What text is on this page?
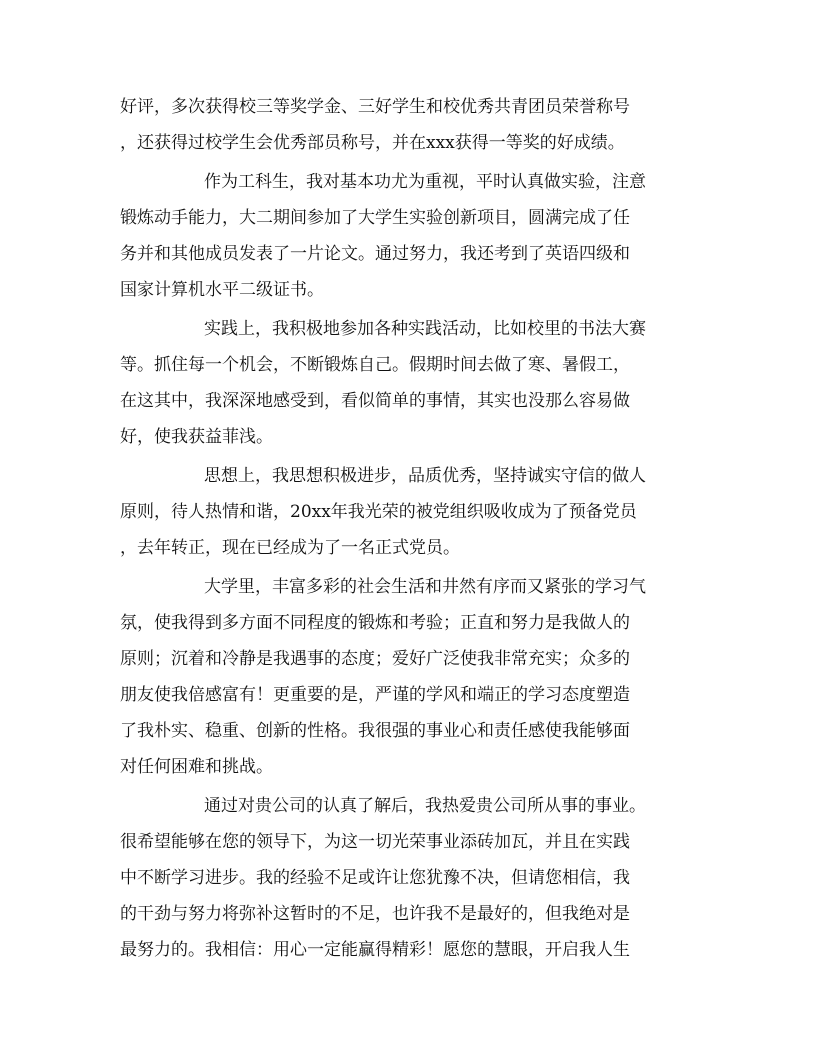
好评，多次获得校三等奖学金、三好学生和校优秀共青团员荣誉称号
，还获得过校学生会优秀部员称号，并在xxx获得一等奖的好成绩。
作为工科生，我对基本功尤为重视，平时认真做实验，注意
锻炼动手能力，大二期间参加了大学生实验创新项目，圆满完成了任
务并和其他成员发表了一片论文。通过努力，我还考到了英语四级和
国家计算机水平二级证书。
实践上，我积极地参加各种实践活动，比如校里的书法大赛
等。抓住每一个机会，不断锻炼自己。假期时间去做了寒、暑假工，
在这其中，我深深地感受到，看似简单的事情，其实也没那么容易做
好，使我获益菲浅。
思想上，我思想积极进步，品质优秀，坚持诚实守信的做人
原则，待人热情和谐，20xx年我光荣的被党组织吸收成为了预备党员
，去年转正，现在已经成为了一名正式党员。
大学里，丰富多彩的社会生活和井然有序而又紧张的学习气
氛，使我得到多方面不同程度的锻炼和考验；正直和努力是我做人的
原则；沉着和冷静是我遇事的态度；爱好广泛使我非常充实；众多的
朋友使我倍感富有！更重要的是，严谨的学风和端正的学习态度塑造
了我朴实、稳重、创新的性格。我很强的事业心和责任感使我能够面
对任何困难和挑战。
通过对贵公司的认真了解后，我热爱贵公司所从事的事业。
很希望能够在您的领导下，为这一切光荣事业添砖加瓦，并且在实践
中不断学习进步。我的经验不足或许让您犹豫不决，但请您相信，我
的干劲与努力将弥补这暂时的不足，也许我不是最好的，但我绝对是
最努力的。我相信：用心一定能赢得精彩！愿您的慧眼，开启我人生
